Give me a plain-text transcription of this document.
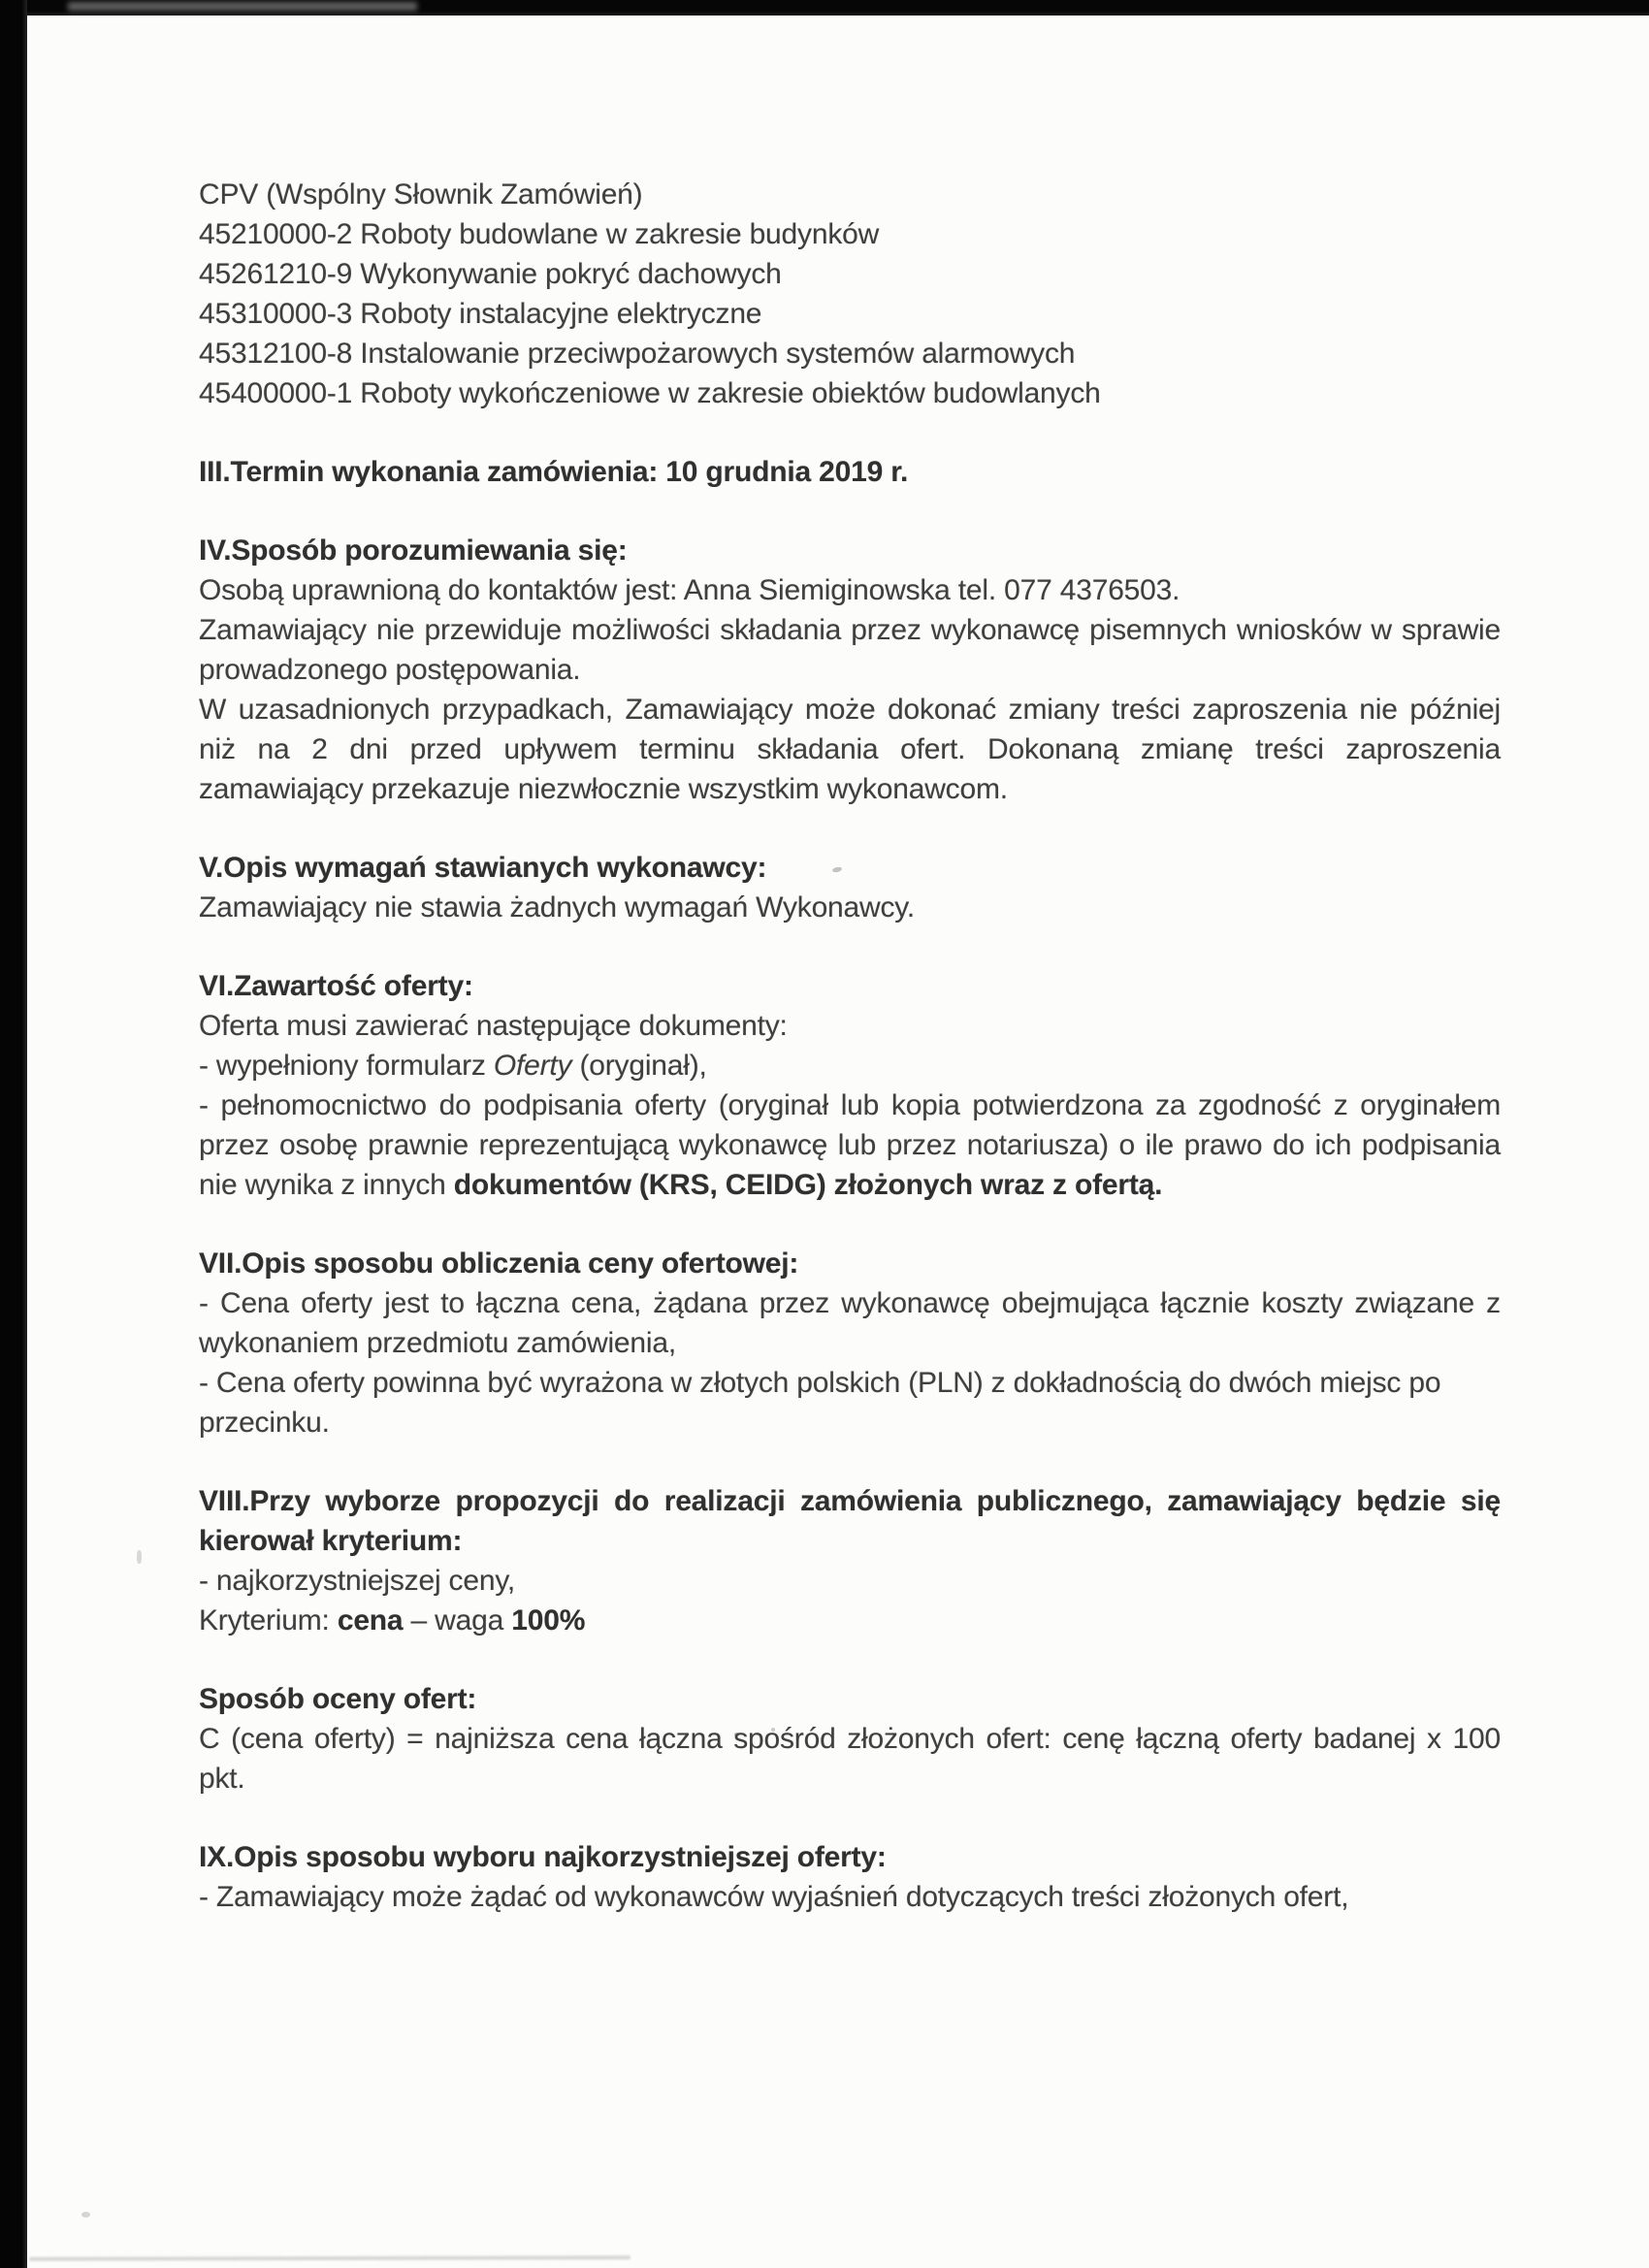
CPV (Wspólny Słownik Zamówień)

45210000-2 Roboty budowlane w zakresie budynków

45261210-9 Wykonywanie pokryć dachowych

45310000-3 Roboty instalacyjne elektryczne

45312100-8 Instalowanie przeciwpożarowych systemów alarmowych

45400000-1 Roboty wykończeniowe w zakresie obiektów budowlanych

III.Termin wykonania zamówienia: 10 grudnia 2019 r.

IV.Sposób porozumiewania się:

Osobą uprawnioną do kontaktów jest: Anna Siemiginowska tel. 077 4376503.

Zamawiający nie przewiduje możliwości składania przez wykonawcę pisemnych wniosków w sprawie prowadzonego postępowania.

W uzasadnionych przypadkach, Zamawiający może dokonać zmiany treści zaproszenia nie później niż na 2 dni przed upływem terminu składania ofert. Dokonaną zmianę treści zaproszenia zamawiający przekazuje niezwłocznie wszystkim wykonawcom.

V.Opis wymagań stawianych wykonawcy:

Zamawiający nie stawia żadnych wymagań Wykonawcy.

VI.Zawartość oferty:

Oferta musi zawierać następujące dokumenty:

- wypełniony formularz Oferty (oryginał),

- pełnomocnictwo do podpisania oferty (oryginał lub kopia potwierdzona za zgodność z oryginałem przez osobę prawnie reprezentującą wykonawcę lub przez notariusza) o ile prawo do ich podpisania nie wynika z innych dokumentów (KRS, CEIDG) złożonych wraz z ofertą.

VII.Opis sposobu obliczenia ceny ofertowej:

- Cena oferty jest to łączna cena, żądana przez wykonawcę obejmująca łącznie koszty związane z wykonaniem przedmiotu zamówienia,

- Cena oferty powinna być wyrażona w złotych polskich (PLN) z dokładnością do dwóch miejsc po przecinku.

VIII.Przy wyborze propozycji do realizacji zamówienia publicznego, zamawiający będzie się kierował kryterium:

- najkorzystniejszej ceny,

Kryterium: cena – waga 100%

Sposób oceny ofert:

C (cena oferty) = najniższa cena łączna spośród złożonych ofert: cenę łączną oferty badanej x 100 pkt.

IX.Opis sposobu wyboru najkorzystniejszej oferty:

- Zamawiający może żądać od wykonawców wyjaśnień dotyczących treści złożonych ofert,
